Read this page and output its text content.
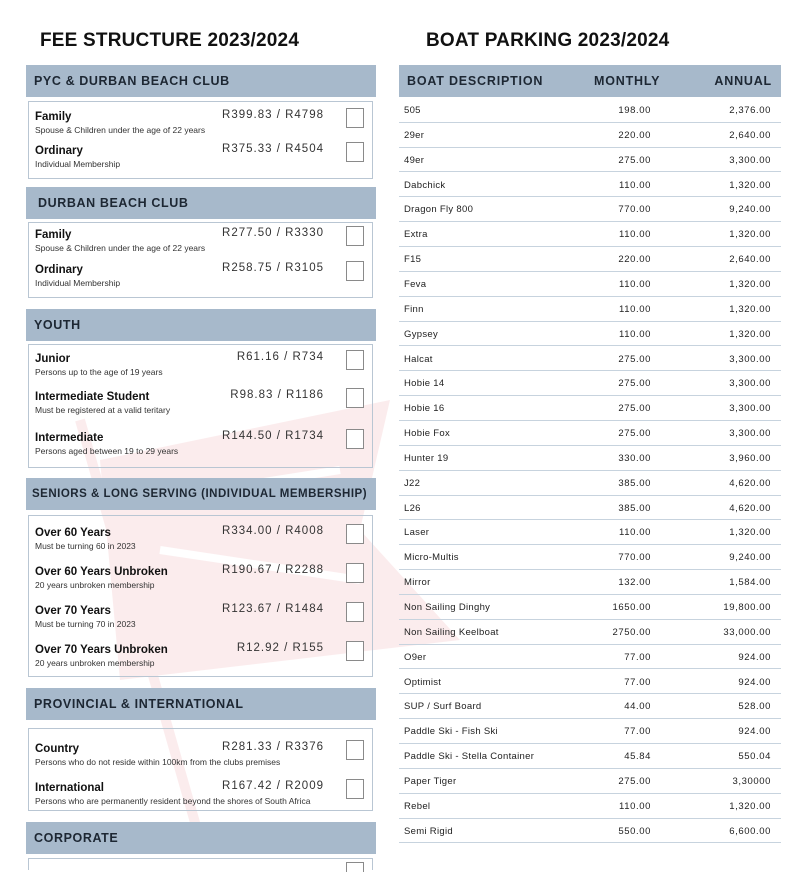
FEE STRUCTURE 2023/2024	BOAT PARKING 2023/2024
PYC & DURBAN BEACH CLUB
Family
Spouse & Children under the age of 22 years
R399.83 / R4798
Ordinary
Individual Membership
R375.33 / R4504
DURBAN BEACH CLUB
Family
Spouse & Children under the age of 22 years
R277.50 / R3330
Ordinary
Individual Membership
R258.75 / R3105
YOUTH
Junior
Persons up to the age of 19 years
R61.16 / R734
Intermediate Student
Must be registered at a valid teritary
R98.83 / R1186
Intermediate
Persons aged between 19 to 29 years
R144.50 / R1734
SENIORS & LONG SERVING (INDIVIDUAL MEMBERSHIP)
Over 60 Years
Must be turning 60 in 2023
R334.00 / R4008
Over 60 Years Unbroken
20 years unbroken membership
R190.67 / R2288
Over 70 Years
Must be turning 70 in 2023
R123.67 / R1484
Over 70 Years Unbroken
20 years unbroken membership
R12.92 / R155
PROVINCIAL & INTERNATIONAL
Country
Persons who do not reside within 100km from the clubs premises
R281.33 / R3376
International
Persons who are permanently resident beyond the shores of South Africa
R167.42 / R2009
CORPORATE
BOAT DESCRIPTION	MONTHLY	ANNUAL
505	198.00	2,376.00
29er	220.00	2,640.00
49er	275.00	3,300.00
Dabchick	110.00	1,320.00
Dragon Fly 800	770.00	9,240.00
Extra	110.00	1,320.00
F15	220.00	2,640.00
Feva	110.00	1,320.00
Finn	110.00	1,320.00
Gypsey	110.00	1,320.00
Halcat	275.00	3,300.00
Hobie 14	275.00	3,300.00
Hobie 16	275.00	3,300.00
Hobie Fox	275.00	3,300.00
Hunter 19	330.00	3,960.00
J22	385.00	4,620.00
L26	385.00	4,620.00
Laser	110.00	1,320.00
Micro-Multis	770.00	9,240.00
Mirror	132.00	1,584.00
Non Sailing Dinghy	1650.00	19,800.00
Non Sailing Keelboat	2750.00	33,000.00
O9er	77.00	924.00
Optimist	77.00	924.00
SUP / Surf Board	44.00	528.00
Paddle Ski - Fish Ski	77.00	924.00
Paddle Ski - Stella Container	45.84	550.04
Paper Tiger	275.00	3,30000
Rebel	110.00	1,320.00
Semi Rigid	550.00	6,600.00
